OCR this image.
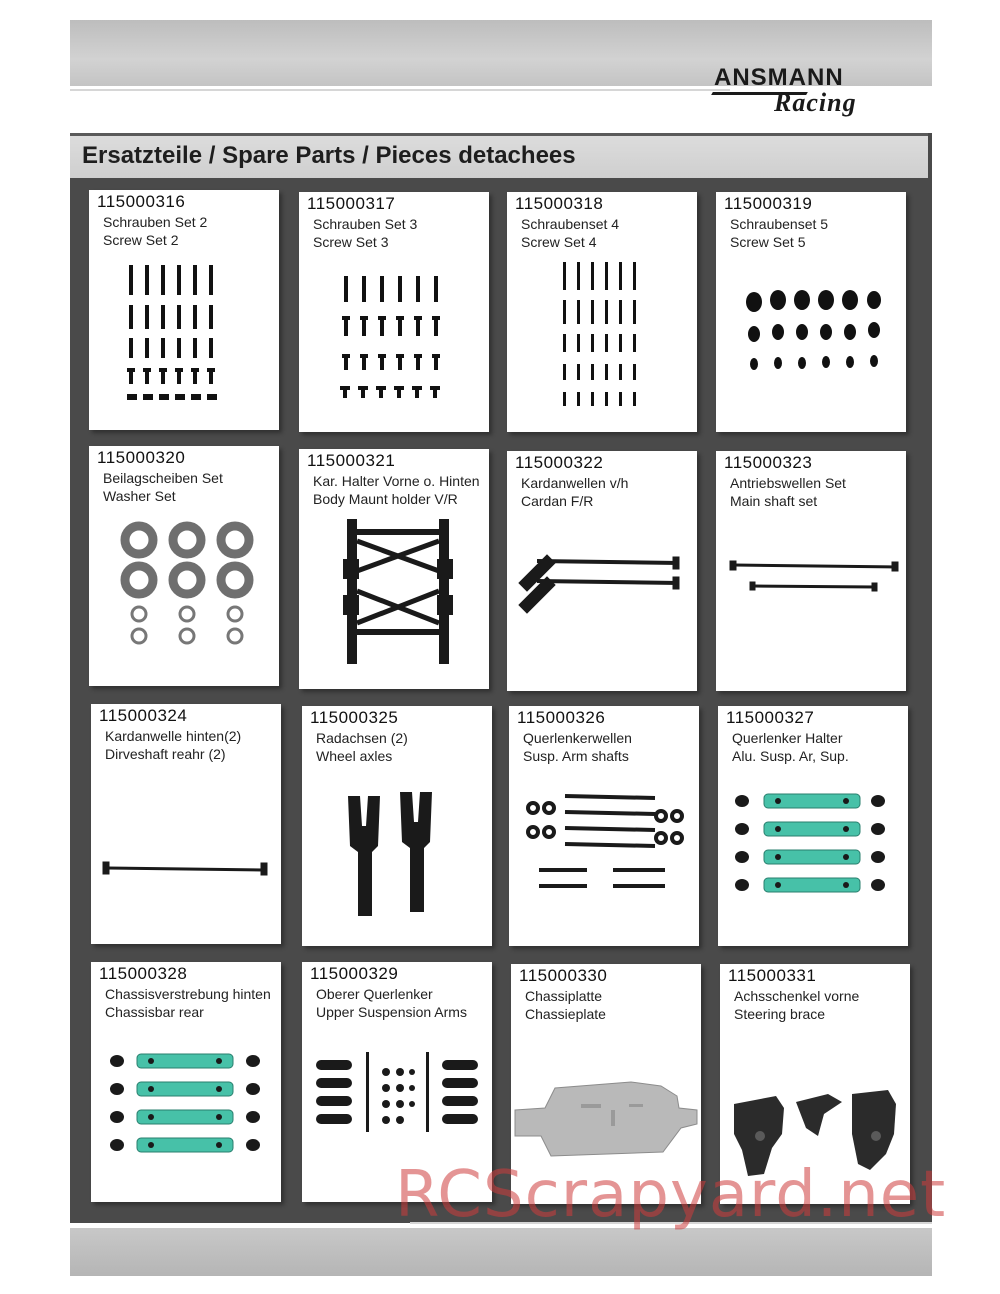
ANSMANN
Racing
Ersatzteile / Spare Parts / Pieces detachees
115000316
Schrauben Set 2
Screw Set 2
115000317
Schrauben Set 3
Screw Set 3
115000318
Schraubenset 4
Screw Set 4
115000319
Schraubenset 5
Screw Set 5
115000320
Beilagscheiben Set
Washer Set
115000321
Kar. Halter Vorne o. Hinten
Body Maunt holder V/R
115000322
Kardanwellen v/h
Cardan F/R
115000323
Antriebswellen Set
Main shaft set
115000324
Kardanwelle hinten(2)
Dirveshaft reahr (2)
115000325
Radachsen (2)
Wheel axles
115000326
Querlenkerwellen
Susp. Arm shafts
115000327
Querlenker Halter
Alu. Susp. Ar, Sup.
115000328
Chassisverstrebung hinten
Chassisbar rear
115000329
Oberer Querlenker
Upper Suspension Arms
115000330
Chassiplatte
Chassieplate
115000331
Achsschenkel vorne
Steering brace
RCScrapyard.net
